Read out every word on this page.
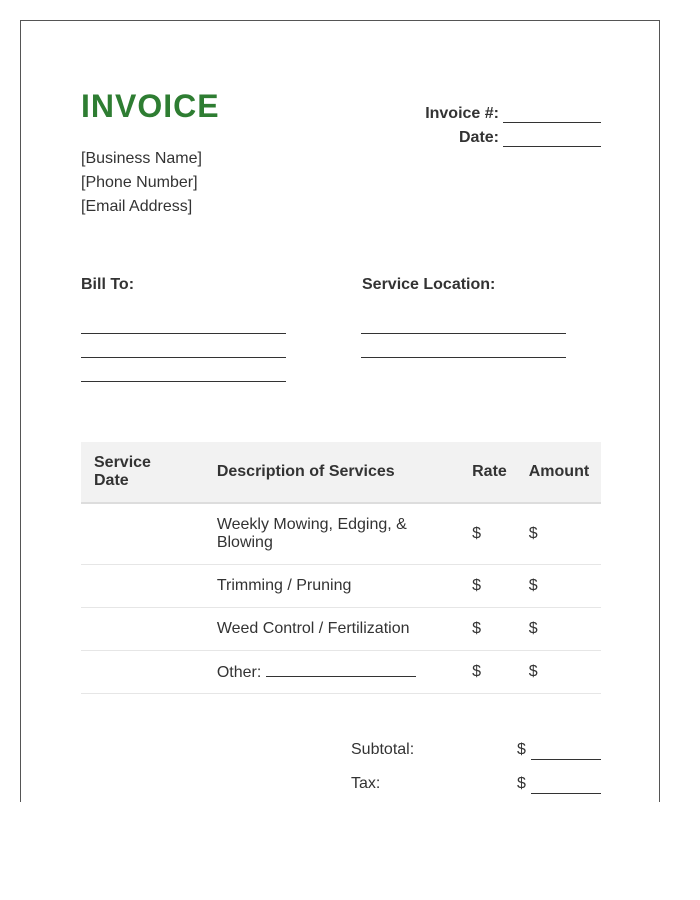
INVOICE	Invoice #:
Date:
[Business Name]
[Phone Number]
[Email Address]
Bill To:	Service Location:
Service
Date	Description of Services	Rate	Amount

	Weekly Mowing, Edging, & Blowing	$	$
	Trimming / Pruning	$	$
	Weed Control / Fertilization	$	$
	Other:	$	$
Subtotal:	$
Tax:	$
